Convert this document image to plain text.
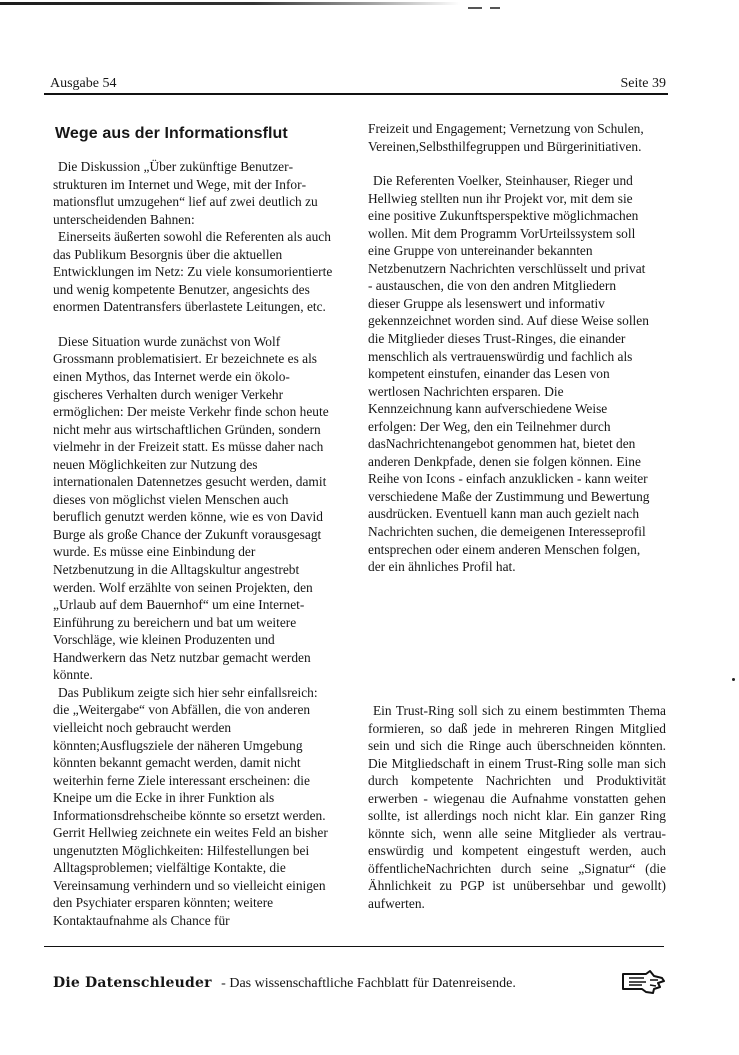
Ausgabe 54	Seite 39
Wege aus der Informationsflut

Die Diskussion „Über zukünftige Benutzerstrukturen im Internet und Wege, mit der Informationsflut umzugehen“ lief auf zwei deutlich zu unterscheidenden Bahnen:

Einerseits äußerten sowohl die Referenten als auch das Publikum Besorgnis über die aktuellen Entwicklungen im Netz: Zu viele konsumorientierte und wenig kompetente Benutzer, angesichts des enormen Datentransfers überlastete Leitungen, etc.

Diese Situation wurde zunächst von Wolf Grossmann problematisiert. Er bezeichnete es als einen Mythos, das Internet werde ein ökologischeres Verhalten durch weniger Verkehr ermöglichen: Der meiste Verkehr finde schon heute nicht mehr aus wirtschaftlichen Gründen, sondern vielmehr in der Freizeit statt. Es müsse daher nach neuen Möglichkeiten zur Nutzung des internationalen Datennetzes gesucht werden, damit dieses von möglichst vielen Menschen auch beruflich genutzt werden könne, wie es von David Burge als große Chance der Zukunft vorausgesagt wurde. Es müsse eine Einbindung der Netzbenutzung in die Alltagskultur angestrebt werden. Wolf erzählte von seinen Projekten, den „Urlaub auf dem Bauernhof“ um eine Internet-Einführung zu bereichern und bat um weitere Vorschläge, wie kleinen Produzenten und Handwerkern das Netz nutzbar gemacht werden könnte.

Das Publikum zeigte sich hier sehr einfallsreich: die „Weitergabe“ von Abfällen, die von anderen vielleicht noch gebraucht werden könnten;Ausflugsziele der näheren Umgebung könnten bekannt gemacht werden, damit nicht weiterhin ferne Ziele interessant erscheinen: die Kneipe um die Ecke in ihrer Funktion als Informationsdrehscheibe könnte so ersetzt werden. Gerrit Hellwieg zeichnete ein weites Feld an bisher ungenutzten Möglichkeiten: Hilfestellungen bei Alltagsproblemen; vielfältige Kontakte, die Vereinsamung verhindern und so vielleicht einigen den Psychiater ersparen könnten; weitere Kontaktaufnahme als Chance für

Freizeit und Engagement; Vernetzung von Schulen, Vereinen,Selbsthilfegruppen und Bürgerinitiativen.

Die Referenten Voelker, Steinhauser, Rieger und Hellwieg stellten nun ihr Projekt vor, mit dem sie eine positive Zukunftsperspektive möglichmachen wollen. Mit dem Programm VorUrteilssystem soll eine Gruppe von untereinander bekannten Netzbenutzern Nachrichten verschlüsselt und privat - austauschen, die von den andren Mitgliedern dieser Gruppe als lesenswert und informativ gekennzeichnet worden sind. Auf diese Weise sollen die Mitglieder dieses Trust-Ringes, die einander menschlich als vertrauenswürdig und fachlich als kompetent einstufen, einander das Lesen von wertlosen Nachrichten ersparen. Die Kennzeichnung kann aufverschiedene Weise erfolgen: Der Weg, den ein Teilnehmer durch dasNachrichtenangebot genommen hat, bietet den anderen Denkpfade, denen sie folgen können. Eine Reihe von Icons - einfach anzuklicken - kann weiter verschiedene Maße der Zustimmung und Bewertung ausdrücken. Eventuell kann man auch gezielt nach Nachrichten suchen, die demeigenen Interesseprofil entsprechen oder einem anderen Menschen folgen, der ein ähnliches Profil hat.

Ein Trust-Ring soll sich zu einem bestimmten Thema formieren, so daß jede in mehreren Ringen Mitglied sein und sich die Ringe auch überschneiden könnten. Die Mitgliedschaft in einem Trust-Ring solle man sich durch kompetente Nachrichten und Produktivität erwerben - wiegenau die Aufnahme vonstatten gehen sollte, ist allerdings noch nicht klar. Ein ganzer Ring könnte sich, wenn alle seine Mitglieder als vertrauenswürdig und kompetent eingestuft werden, auch öffentlicheNachrichten durch seine „Signatur“ (die Ähnlichkeit zu PGP ist unübersehbar und gewollt) aufwerten.

Die Datenschleuder - Das wissenschaftliche Fachblatt für Datenreisende.
